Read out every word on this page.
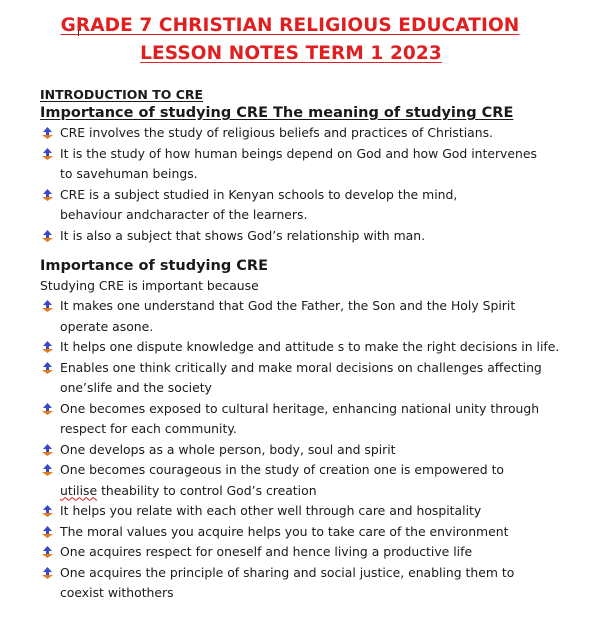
GRADE 7 CHRISTIAN RELIGIOUS EDUCATION
LESSON NOTES TERM 1 2023
INTRODUCTION TO CRE
Importance of studying CRE The meaning of studying CRE
CRE involves the study of religious beliefs and practices of Christians.
It is the study of how human beings depend on God and how God intervenes
to savehuman beings.
CRE is a subject studied in Kenyan schools to develop the mind,
behaviour andcharacter of the learners.
It is also a subject that shows God’s relationship with man.
Importance of studying CRE
Studying CRE is important because
It makes one understand that God the Father, the Son and the Holy Spirit
operate asone.
It helps one dispute knowledge and attitude s to make the right decisions in life.
Enables one think critically and make moral decisions on challenges affecting
one’slife and the society
One becomes exposed to cultural heritage, enhancing national unity through
respect for each community.
One develops as a whole person, body, soul and spirit
One becomes courageous in the study of creation one is empowered to
utilise theability to control God’s creation
It helps you relate with each other well through care and hospitality
The moral values you acquire helps you to take care of the environment
One acquires respect for oneself and hence living a productive life
One acquires the principle of sharing and social justice, enabling them to
coexist withothers
